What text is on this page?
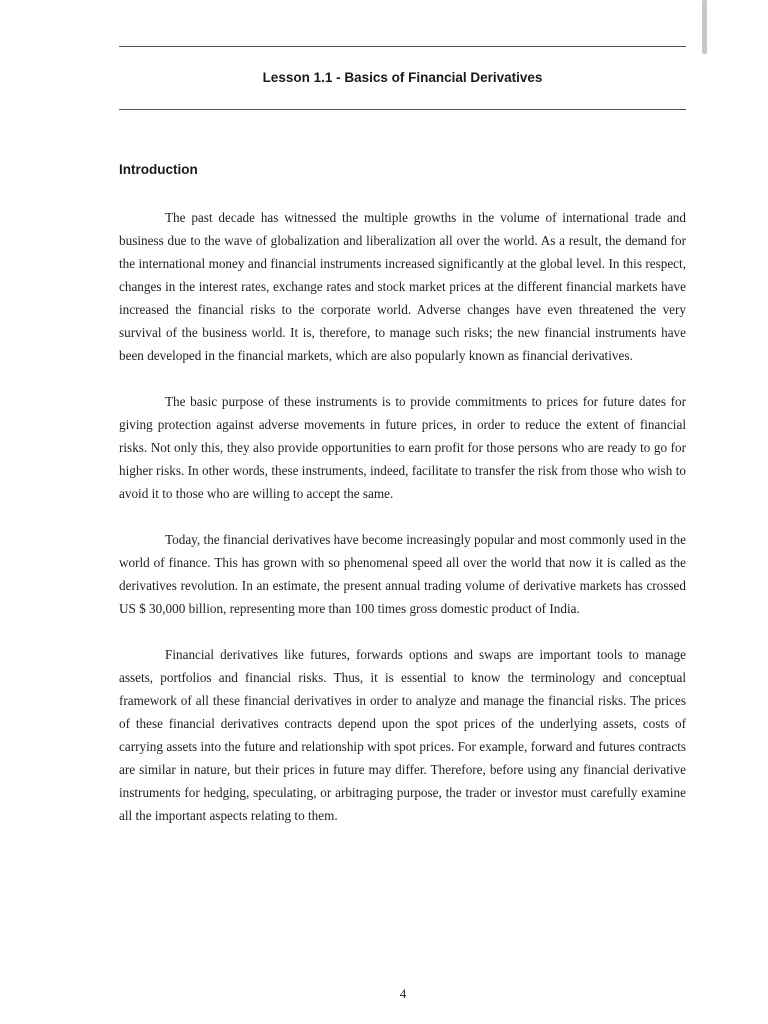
Lesson 1.1 - Basics of Financial Derivatives
Introduction

The past decade has witnessed the multiple growths in the volume of international trade and business due to the wave of globalization and liberalization all over the world. As a result, the demand for the international money and financial instruments increased significantly at the global level. In this respect, changes in the interest rates, exchange rates and stock market prices at the different financial markets have increased the financial risks to the corporate world. Adverse changes have even threatened the very survival of the business world. It is, therefore, to manage such risks; the new financial instruments have been developed in the financial markets, which are also popularly known as financial derivatives.

The basic purpose of these instruments is to provide commitments to prices for future dates for giving protection against adverse movements in future prices, in order to reduce the extent of financial risks. Not only this, they also provide opportunities to earn profit for those persons who are ready to go for higher risks. In other words, these instruments, indeed, facilitate to transfer the risk from those who wish to avoid it to those who are willing to accept the same.

Today, the financial derivatives have become increasingly popular and most commonly used in the world of finance. This has grown with so phenomenal speed all over the world that now it is called as the derivatives revolution. In an estimate, the present annual trading volume of derivative markets has crossed US $ 30,000 billion, representing more than 100 times gross domestic product of India.

Financial derivatives like futures, forwards options and swaps are important tools to manage assets, portfolios and financial risks. Thus, it is essential to know the terminology and conceptual framework of all these financial derivatives in order to analyze and manage the financial risks. The prices of these financial derivatives contracts depend upon the spot prices of the underlying assets, costs of carrying assets into the future and relationship with spot prices. For example, forward and futures contracts are similar in nature, but their prices in future may differ. Therefore, before using any financial derivative instruments for hedging, speculating, or arbitraging purpose, the trader or investor must carefully examine all the important aspects relating to them.

4
